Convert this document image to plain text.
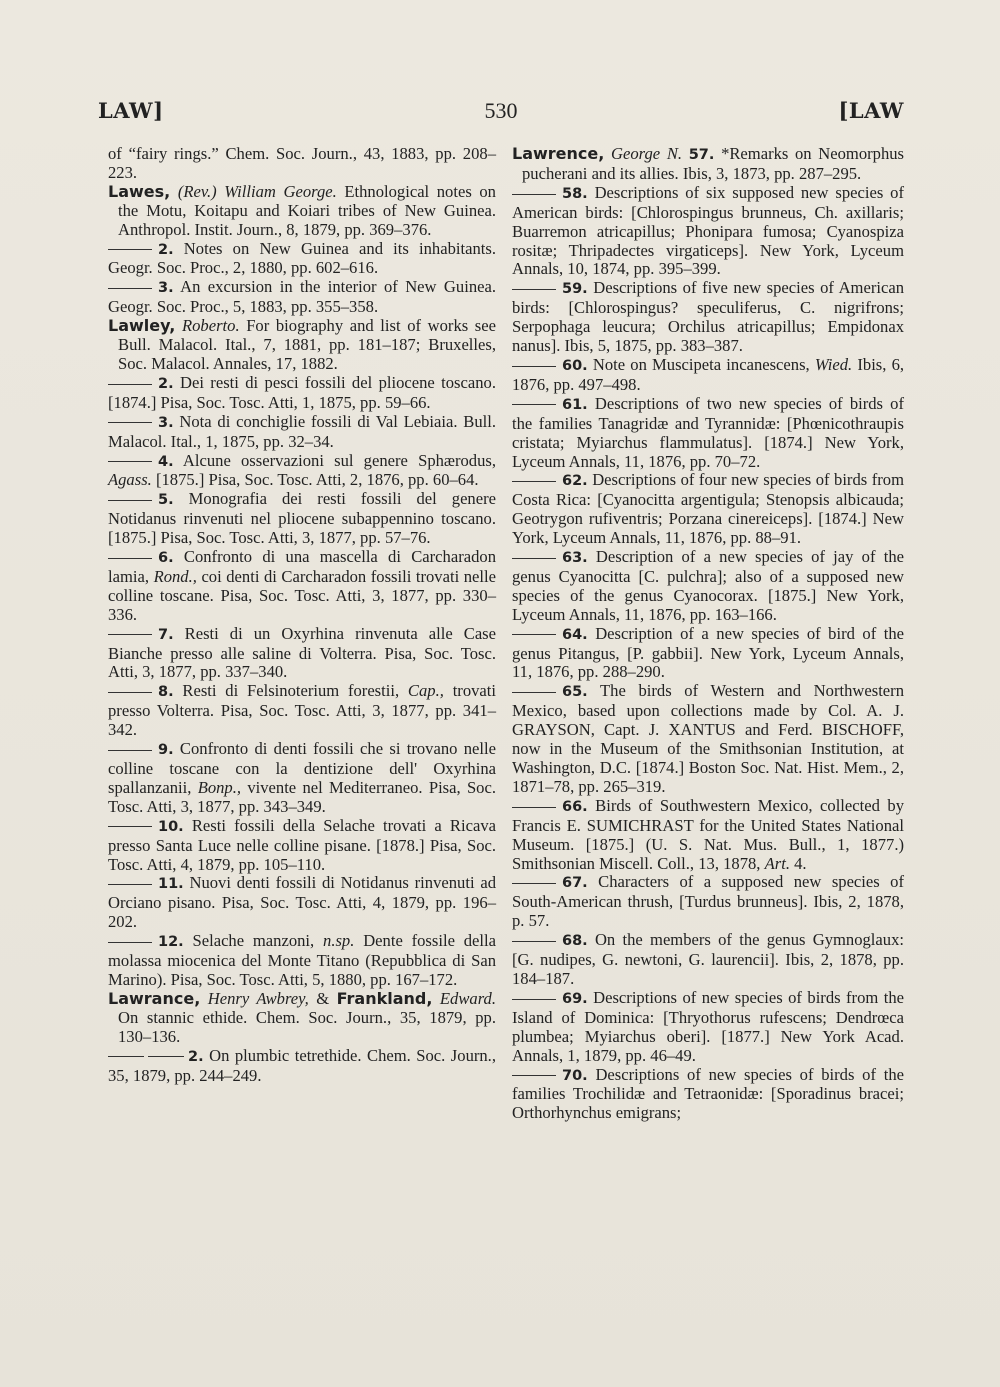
LAW]	530	[LAW

of “fairy rings.” Chem. Soc. Journ., 43, 1883, pp. 208–223.

Lawes, (Rev.) William George. Ethnological notes on the Motu, Koitapu and Koiari tribes of New Guinea. Anthropol. Instit. Journ., 8, 1879, pp. 369–376.

2. Notes on New Guinea and its inhabitants. Geogr. Soc. Proc., 2, 1880, pp. 602–616.

3. An excursion in the interior of New Guinea. Geogr. Soc. Proc., 5, 1883, pp. 355–358.

Lawley, Roberto. For biography and list of works see Bull. Malacol. Ital., 7, 1881, pp. 181–187; Bruxelles, Soc. Malacol. Annales, 17, 1882.

2. Dei resti di pesci fossili del pliocene toscano. [1874.] Pisa, Soc. Tosc. Atti, 1, 1875, pp. 59–66.

3. Nota di conchiglie fossili di Val Lebiaia. Bull. Malacol. Ital., 1, 1875, pp. 32–34.

4. Alcune osservazioni sul genere Sphærodus, Agass. [1875.] Pisa, Soc. Tosc. Atti, 2, 1876, pp. 60–64.

5. Monografia dei resti fossili del genere Notidanus rinvenuti nel pliocene subappennino toscano. [1875.] Pisa, Soc. Tosc. Atti, 3, 1877, pp. 57–76.

6. Confronto di una mascella di Carcharadon lamia, Rond., coi denti di Carcharadon fossili trovati nelle colline toscane. Pisa, Soc. Tosc. Atti, 3, 1877, pp. 330–336.

7. Resti di un Oxyrhina rinvenuta alle Case Bianche presso alle saline di Volterra. Pisa, Soc. Tosc. Atti, 3, 1877, pp. 337–340.

8. Resti di Felsinoterium forestii, Cap., trovati presso Volterra. Pisa, Soc. Tosc. Atti, 3, 1877, pp. 341–342.

9. Confronto di denti fossili che si trovano nelle colline toscane con la dentizione dell' Oxyrhina spallanzanii, Bonp., vivente nel Mediterraneo. Pisa, Soc. Tosc. Atti, 3, 1877, pp. 343–349.

10. Resti fossili della Selache trovati a Ricava presso Santa Luce nelle colline pisane. [1878.] Pisa, Soc. Tosc. Atti, 4, 1879, pp. 105–110.

11. Nuovi denti fossili di Notidanus rinvenuti ad Orciano pisano. Pisa, Soc. Tosc. Atti, 4, 1879, pp. 196–202.

12. Selache manzoni, n.sp. Dente fossile della molassa miocenica del Monte Titano (Repubblica di San Marino). Pisa, Soc. Tosc. Atti, 5, 1880, pp. 167–172.

Lawrance, Henry Awbrey, & Frankland, Edward. On stannic ethide. Chem. Soc. Journ., 35, 1879, pp. 130–136.

2. On plumbic tetrethide. Chem. Soc. Journ., 35, 1879, pp. 244–249.

Lawrence, George N. 57. *Remarks on Neomorphus pucherani and its allies. Ibis, 3, 1873, pp. 287–295.

58. Descriptions of six supposed new species of American birds: [Chlorospingus brunneus, Ch. axillaris; Buarremon atricapillus; Phonipara fumosa; Cyanospiza rositæ; Thripadectes virgaticeps]. New York, Lyceum Annals, 10, 1874, pp. 395–399.

59. Descriptions of five new species of American birds: [Chlorospingus? speculiferus, C. nigrifrons; Serpophaga leucura; Orchilus atricapillus; Empidonax nanus]. Ibis, 5, 1875, pp. 383–387.

60. Note on Muscipeta incanescens, Wied. Ibis, 6, 1876, pp. 497–498.

61. Descriptions of two new species of birds of the families Tanagridæ and Tyrannidæ: [Phœnicothraupis cristata; Myiarchus flammulatus]. [1874.] New York, Lyceum Annals, 11, 1876, pp. 70–72.

62. Descriptions of four new species of birds from Costa Rica: [Cyanocitta argentigula; Stenopsis albicauda; Geotrygon rufiventris; Porzana cinereiceps]. [1874.] New York, Lyceum Annals, 11, 1876, pp. 88–91.

63. Description of a new species of jay of the genus Cyanocitta [C. pulchra]; also of a supposed new species of the genus Cyanocorax. [1875.] New York, Lyceum Annals, 11, 1876, pp. 163–166.

64. Description of a new species of bird of the genus Pitangus, [P. gabbii]. New York, Lyceum Annals, 11, 1876, pp. 288–290.

65. The birds of Western and Northwestern Mexico, based upon collections made by Col. A. J. GRAYSON, Capt. J. XANTUS and Ferd. BISCHOFF, now in the Museum of the Smithsonian Institution, at Washington, D.C. [1874.] Boston Soc. Nat. Hist. Mem., 2, 1871–78, pp. 265–319.

66. Birds of Southwestern Mexico, collected by Francis E. SUMICHRAST for the United States National Museum. [1875.] (U. S. Nat. Mus. Bull., 1, 1877.) Smithsonian Miscell. Coll., 13, 1878, Art. 4.

67. Characters of a supposed new species of South-American thrush, [Turdus brunneus]. Ibis, 2, 1878, p. 57.

68. On the members of the genus Gymnoglaux: [G. nudipes, G. newtoni, G. laurencii]. Ibis, 2, 1878, pp. 184–187.

69. Descriptions of new species of birds from the Island of Dominica: [Thryothorus rufescens; Dendrœca plumbea; Myiarchus oberi]. [1877.] New York Acad. Annals, 1, 1879, pp. 46–49.

70. Descriptions of new species of birds of the families Trochilidæ and Tetraonidæ: [Sporadinus bracei; Orthorhynchus emigrans;
